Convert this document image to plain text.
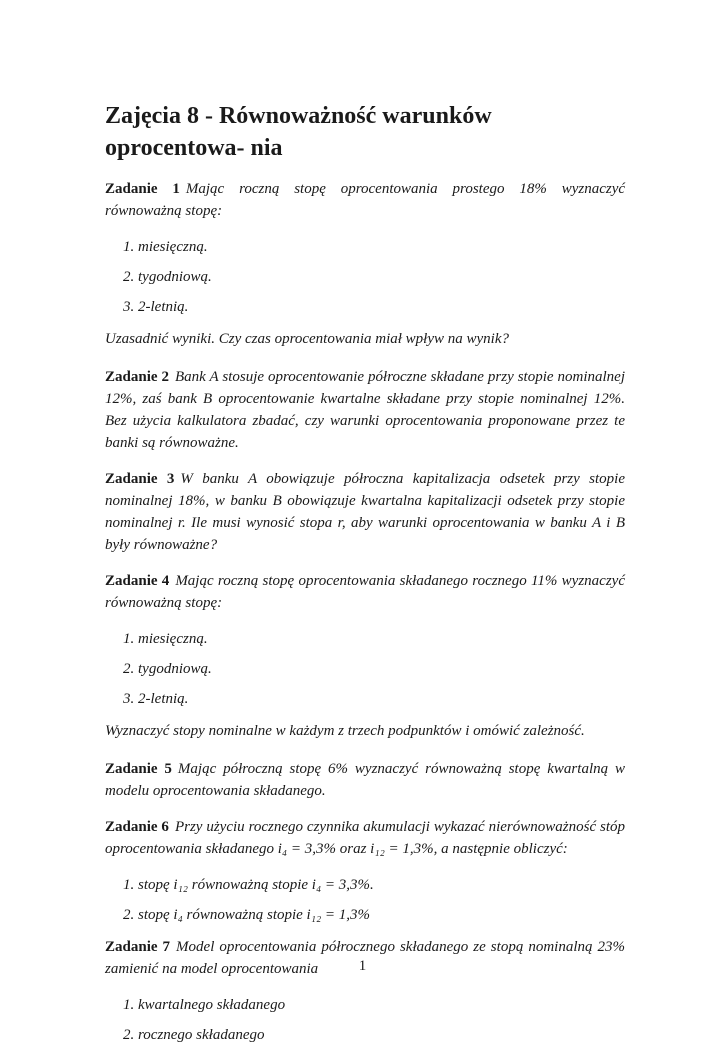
Zajęcia 8 - Równoważność warunków oprocentowa- nia

Zadanie 1 Mając roczną stopę oprocentowania prostego 18% wyznaczyć równoważną stopę:

1. miesięczną.
2. tygodniową.
3. 2-letnią.

Uzasadnić wyniki. Czy czas oprocentowania miał wpływ na wynik?

Zadanie 2 Bank A stosuje oprocentowanie półroczne składane przy stopie nominalnej 12%, zaś bank B oprocentowanie kwartalne składane przy stopie nominalnej 12%. Bez użycia kalkulatora zbadać, czy warunki oprocentowania proponowane przez te banki są równoważne.

Zadanie 3 W banku A obowiązuje półroczna kapitalizacja odsetek przy stopie nominalnej 18%, w banku B obowiązuje kwartalna kapitalizacji odsetek przy stopie nominalnej r. Ile musi wynosić stopa r, aby warunki oprocentowania w banku A i B były równoważne?

Zadanie 4 Mając roczną stopę oprocentowania składanego rocznego 11% wyznaczyć równoważną stopę:

1. miesięczną.
2. tygodniową.
3. 2-letnią.

Wyznaczyć stopy nominalne w każdym z trzech podpunktów i omówić zależność.

Zadanie 5 Mając półroczną stopę 6% wyznaczyć równoważną stopę kwartalną w modelu oprocentowania składanego.

Zadanie 6 Przy użyciu rocznego czynnika akumulacji wykazać nierównoważność stóp oprocentowania składanego i₄ = 3,3% oraz i₁₂ = 1,3%, a następnie obliczyć:

1. stopę i₁₂ równoważną stopie i₄ = 3,3%.
2. stopę i₄ równoważną stopie i₁₂ = 1,3%

Zadanie 7 Model oprocentowania półrocznego składanego ze stopą nominalną 23% zamienić na model oprocentowania

1. kwartalnego składanego
2. rocznego składanego
1
